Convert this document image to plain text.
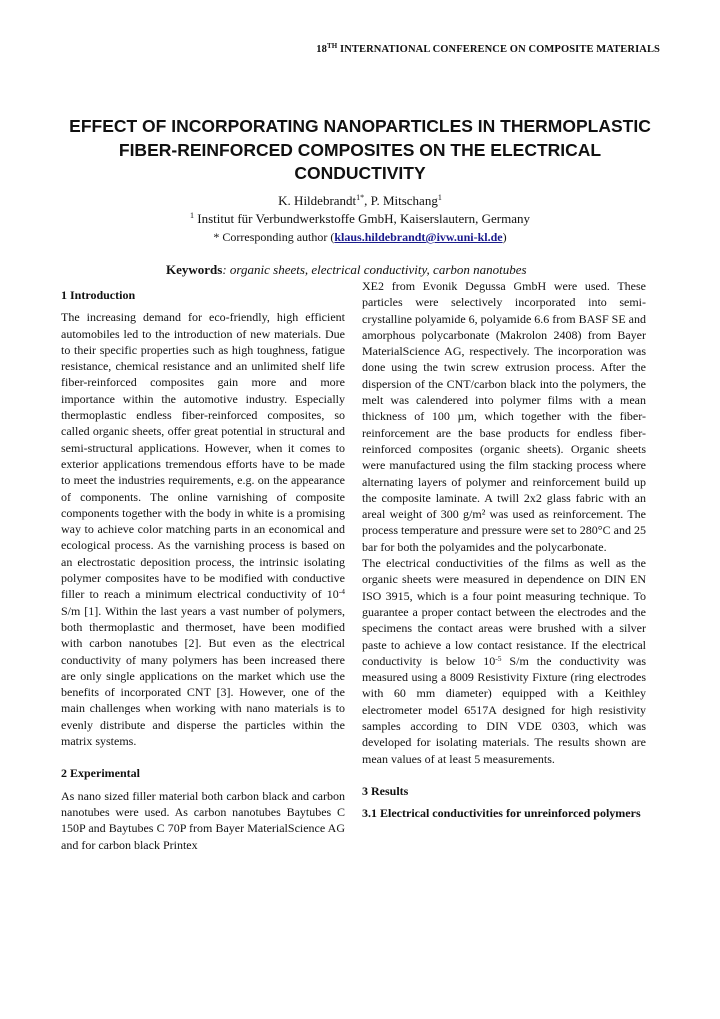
18TH INTERNATIONAL CONFERENCE ON COMPOSITE MATERIALS
EFFECT OF INCORPORATING NANOPARTICLES IN THERMOPLASTIC FIBER-REINFORCED COMPOSITES ON THE ELECTRICAL CONDUCTIVITY
K. Hildebrandt$^{1*}$, P. Mitschang$^1$
$^1$ Institut für Verbundwerkstoffe GmbH, Kaiserslautern, Germany
* Corresponding author (klaus.hildebrandt@ivw.uni-kl.de)
Keywords: organic sheets, electrical conductivity, carbon nanotubes
1 Introduction

The increasing demand for eco-friendly, high efficient automobiles led to the introduction of new materials. Due to their specific properties such as high toughness, fatigue resistance, chemical resistance and an unlimited shelf life fiber-reinforced composites gain more and more importance within the automotive industry. Especially thermoplastic endless fiber-reinforced composites, so called organic sheets, offer great potential in structural and semi-structural applications. However, when it comes to exterior applications tremendous efforts have to be made to meet the industries requirements, e.g. on the appearance of components. The online varnishing of composite components together with the body in white is a promising way to achieve color matching parts in an economical and ecological process. As the varnishing process is based on an electrostatic deposition process, the intrinsic isolating polymer composites have to be modified with conductive filler to reach a minimum electrical conductivity of $10^{-4}$ S/m [1]. Within the last years a vast number of polymers, both thermoplastic and thermoset, have been modified with carbon nanotubes [2]. But even as the electrical conductivity of many polymers has been increased there are only single applications on the market which use the benefits of incorporated CNT [3]. However, one of the main challenges when working with nano materials is to evenly distribute and disperse the particles within the matrix systems.

2 Experimental

As nano sized filler material both carbon black and carbon nanotubes were used. As carbon nanotubes Baytubes C 150P and Baytubes C 70P from Bayer MaterialScience AG and for carbon black Printex

XE2 from Evonik Degussa GmbH were used. These particles were selectively incorporated into semi-crystalline polyamide 6, polyamide 6.6 from BASF SE and amorphous polycarbonate (Makrolon 2408) from Bayer MaterialScience AG, respectively. The incorporation was done using the twin screw extrusion process. After the dispersion of the CNT/carbon black into the polymers, the melt was calendered into polymer films with a mean thickness of 100 µm, which together with the fiber-reinforcement are the base products for endless fiber-reinforced composites (organic sheets). Organic sheets were manufactured using the film stacking process where alternating layers of polymer and reinforcement build up the composite laminate. A twill 2x2 glass fabric with an areal weight of 300 g/m² was used as reinforcement. The process temperature and pressure were set to 280°C and 25 bar for both the polyamides and the polycarbonate.

The electrical conductivities of the films as well as the organic sheets were measured in dependence on DIN EN ISO 3915, which is a four point measuring technique. To guarantee a proper contact between the electrodes and the specimens the contact areas were brushed with a silver paste to achieve a low contact resistance. If the electrical conductivity is below $10^{-5}$ S/m the conductivity was measured using a 8009 Resistivity Fixture (ring electrodes with 60 mm diameter) equipped with a Keithley electrometer model 6517A designed for high resistivity samples according to DIN VDE 0303, which was developed for isolating materials. The results shown are mean values of at least 5 measurements.

3 Results
3.1 Electrical conductivities for unreinforced polymers
